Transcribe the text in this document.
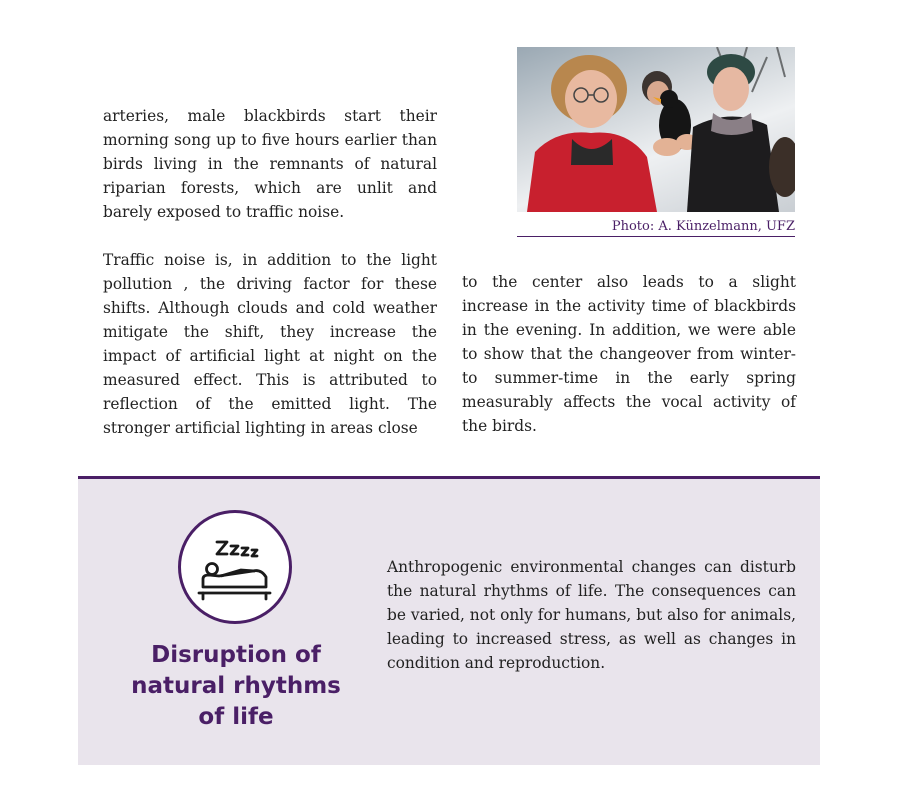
arteries, male blackbirds start their morning song up to five hours earlier than birds living in the remnants of natural riparian forests, which are unlit and barely exposed to traffic noise.

Traffic noise is, in addition to the light pollution , the driving factor for these shifts. Although clouds and cold weather mitigate the shift, they increase the impact of artificial light at night on the measured effect. This is attributed to reflection of the emitted light. The stronger artificial lighting in areas close

Photo: A. Künzelmann, UFZ

to the center also leads to a slight increase in the activity time of blackbirds in the evening. In addition, we were able to show that the changeover from winter- to summer-time in the early spring measurably affects the vocal activity of the birds.

Disruption of
natural rhythms
of life

Anthropogenic environmental changes can disturb the natural rhythms of life. The consequences can be varied, not only for humans, but also for animals, leading to increased stress, as well as changes in condition and reproduction.
